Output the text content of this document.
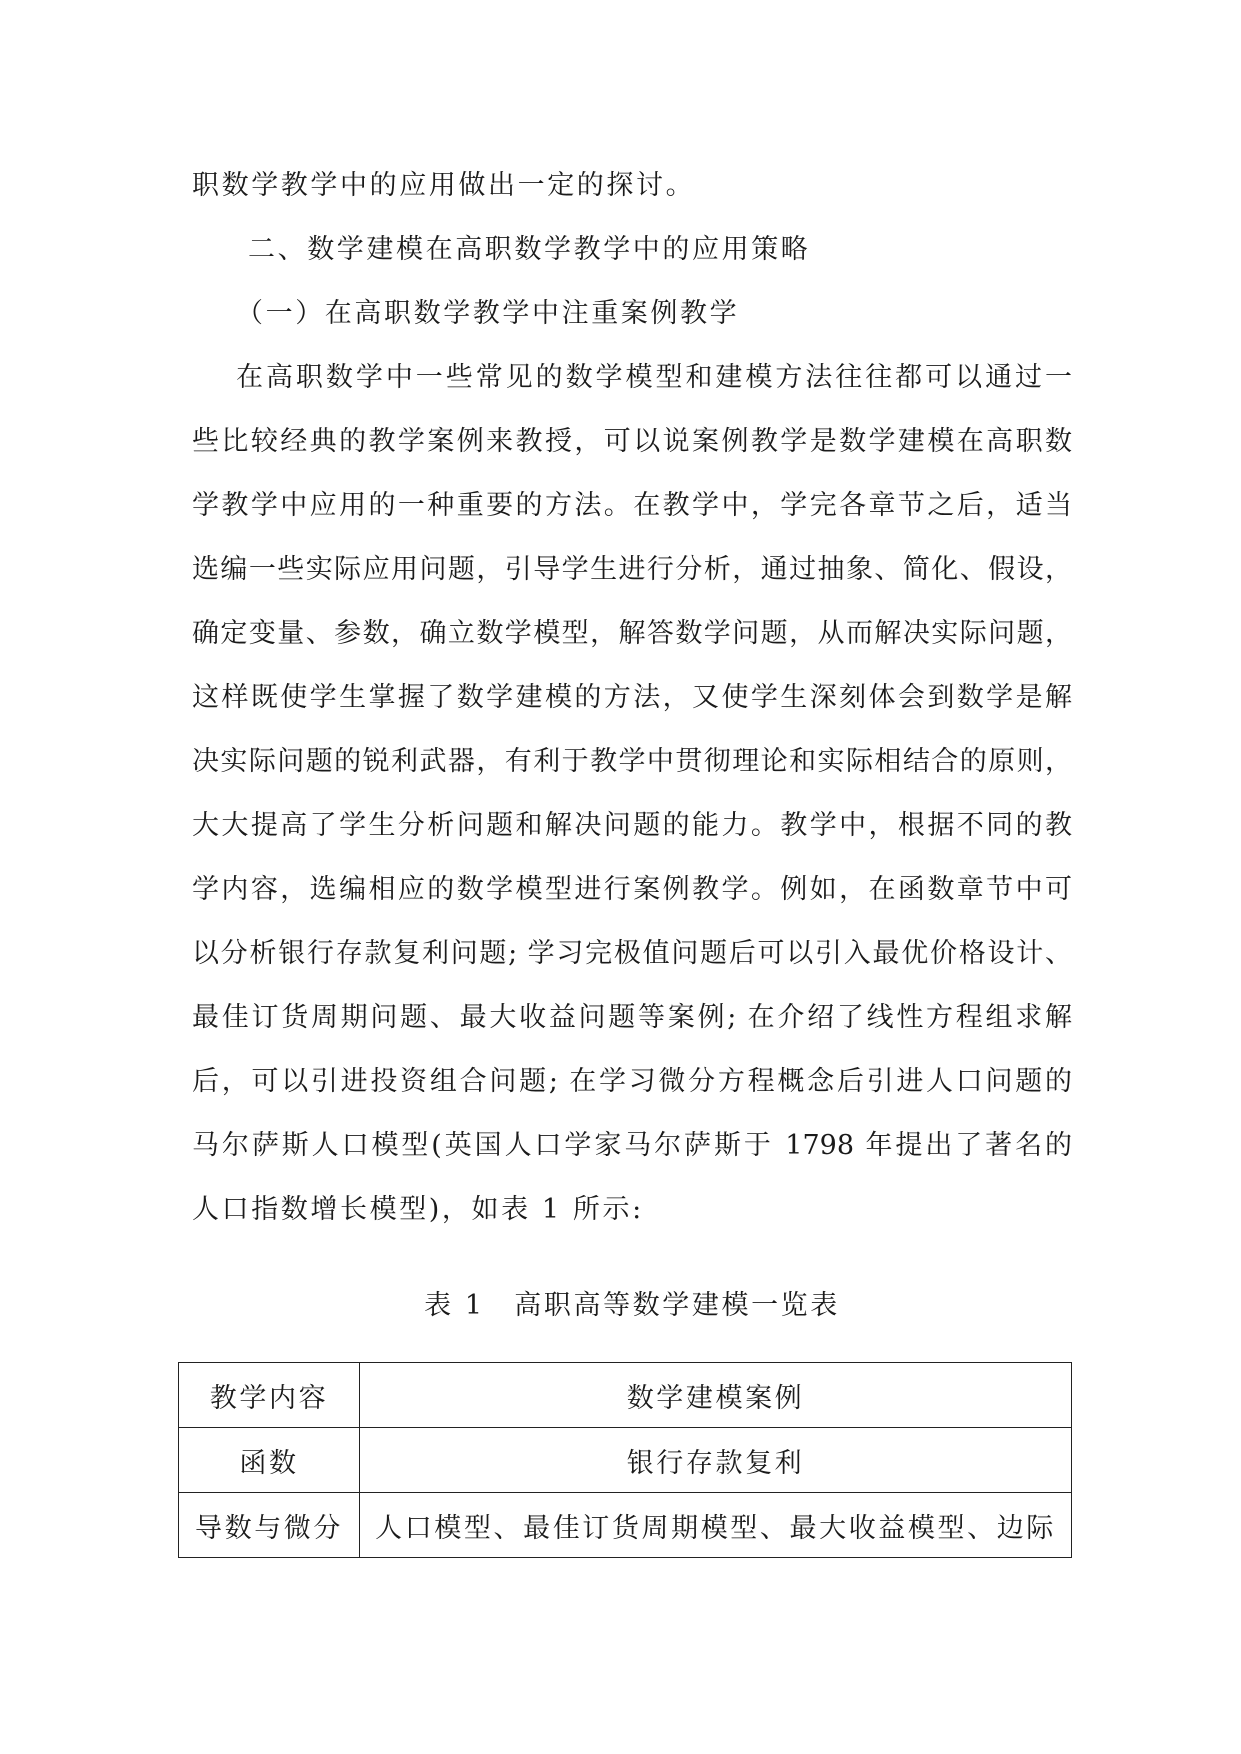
职数学教学中的应用做出一定的探讨。
二、数学建模在高职数学教学中的应用策略
（一）在高职数学教学中注重案例教学
在高职数学中一些常见的数学模型和建模方法往往都可以通过一
些比较经典的教学案例来教授，可以说案例教学是数学建模在高职数
学教学中应用的一种重要的方法。在教学中，学完各章节之后，适当
选编一些实际应用问题，引导学生进行分析，通过抽象、简化、假设，
确定变量、参数，确立数学模型，解答数学问题，从而解决实际问题，
这样既使学生掌握了数学建模的方法，又使学生深刻体会到数学是解
决实际问题的锐利武器，有利于教学中贯彻理论和实际相结合的原则，
大大提高了学生分析问题和解决问题的能力。教学中，根据不同的教
学内容，选编相应的数学模型进行案例教学。例如，在函数章节中可
以分析银行存款复利问题; 学习完极值问题后可以引入最优价格设计、
最佳订货周期问题、最大收益问题等案例; 在介绍了线性方程组求解
后，可以引进投资组合问题; 在学习微分方程概念后引进人口问题的
马尔萨斯人口模型(英国人口学家马尔萨斯于 1798 年提出了著名的
人口指数增长模型)，如表 1 所示:
表 1　高职高等数学建模一览表
教学内容	数学建模案例
函数	银行存款复利
导数与微分	人口模型、最佳订货周期模型、最大收益模型、边际
